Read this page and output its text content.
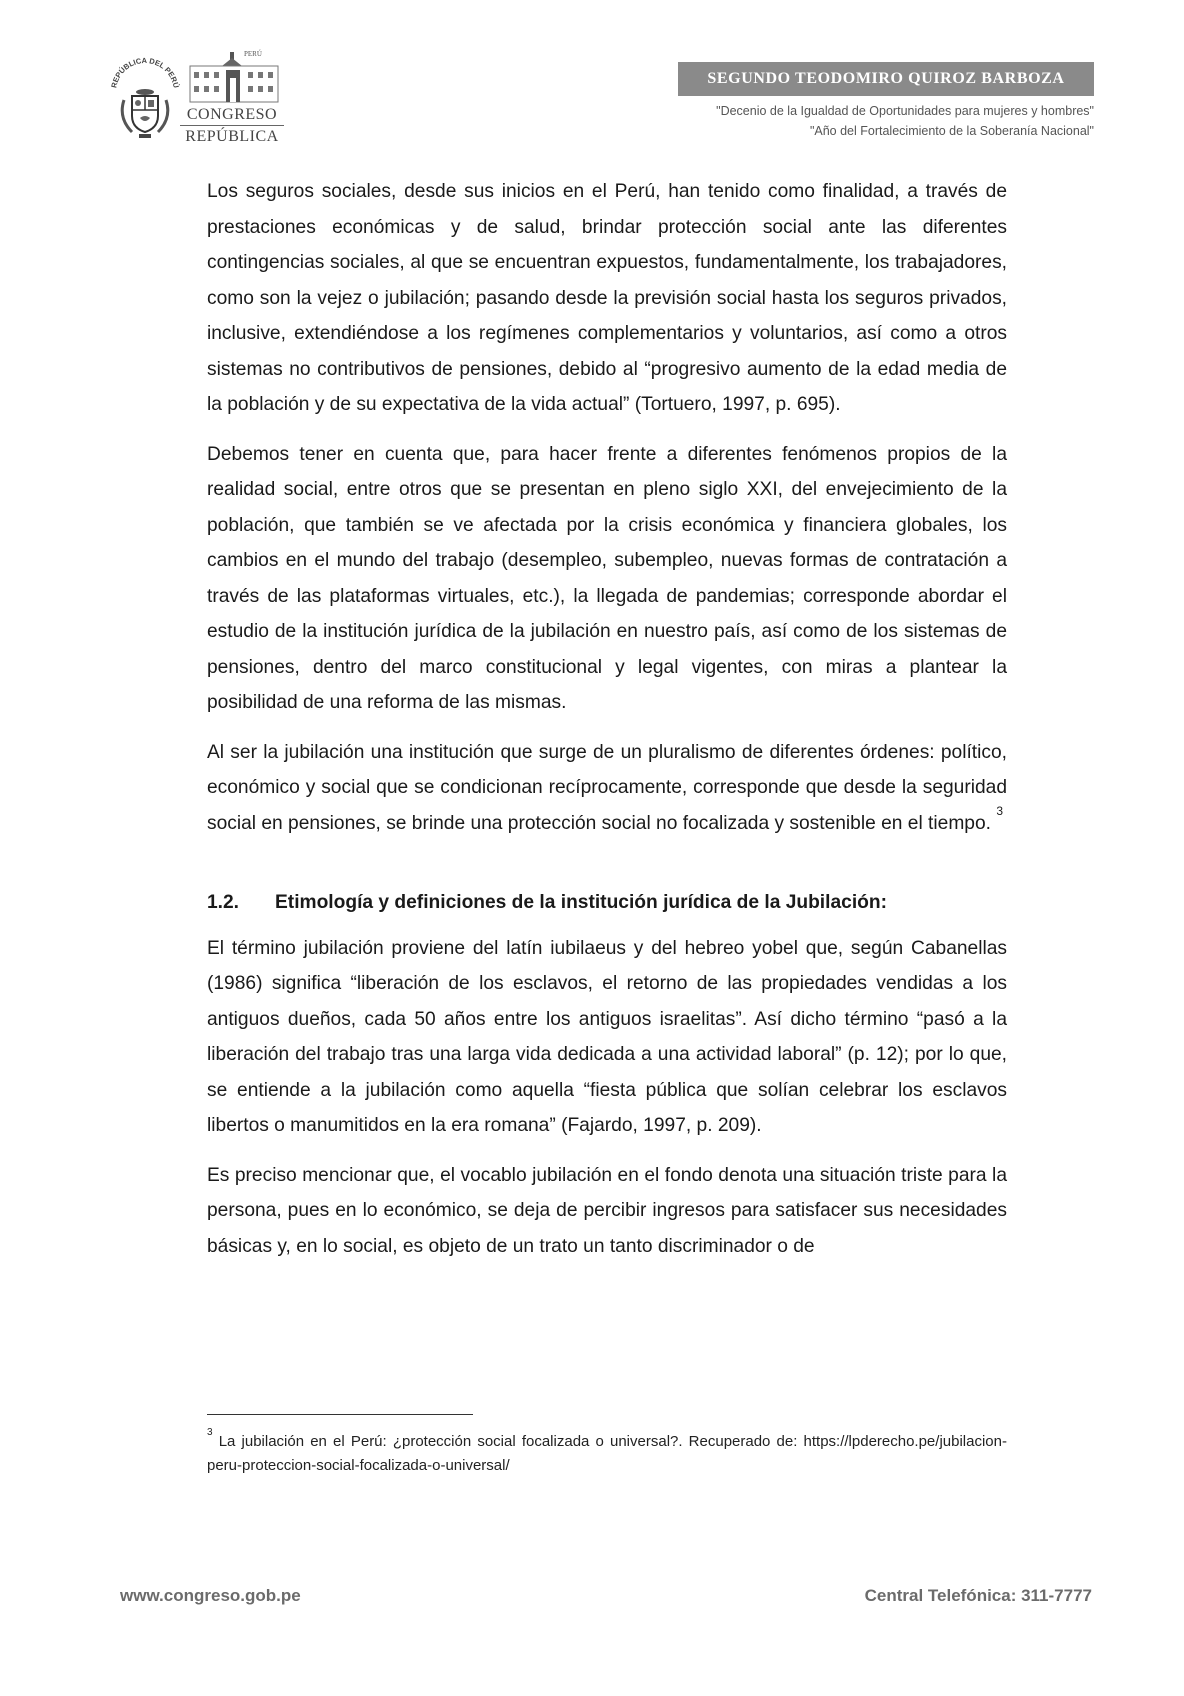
REPÚBLICA DEL PERÚ
PERÚ
CONGRESO
REPÚBLICA
SEGUNDO TEODOMIRO QUIROZ BARBOZA
"Decenio de la Igualdad de Oportunidades para mujeres y hombres"
"Año del Fortalecimiento de la Soberanía Nacional"

Los seguros sociales, desde sus inicios en el Perú, han tenido como finalidad, a través de prestaciones económicas y de salud, brindar protección social ante las diferentes contingencias sociales, al que se encuentran expuestos, fundamentalmente, los trabajadores, como son la vejez o jubilación; pasando desde la previsión social hasta los seguros privados, inclusive, extendiéndose a los regímenes complementarios y voluntarios, así como a otros sistemas no contributivos de pensiones, debido al “progresivo aumento de la edad media de la población y de su expectativa de la vida actual” (Tortuero, 1997, p. 695).

Debemos tener en cuenta que, para hacer frente a diferentes fenómenos propios de la realidad social, entre otros que se presentan en pleno siglo XXI, del envejecimiento de la población, que también se ve afectada por la crisis económica y financiera globales, los cambios en el mundo del trabajo (desempleo, subempleo, nuevas formas de contratación a través de las plataformas virtuales, etc.), la llegada de pandemias; corresponde abordar el estudio de la institución jurídica de la jubilación en nuestro país, así como de los sistemas de pensiones, dentro del marco constitucional y legal vigentes, con miras a plantear la posibilidad de una reforma de las mismas.

Al ser la jubilación una institución que surge de un pluralismo de diferentes órdenes: político, económico y social que se condicionan recíprocamente, corresponde que desde la seguridad social en pensiones, se brinde una protección social no focalizada y sostenible en el tiempo. $^3$

1.2.	Etimología y definiciones de la institución jurídica de la Jubilación:

El término jubilación proviene del latín iubilaeus y del hebreo yobel que, según Cabanellas (1986) significa “liberación de los esclavos, el retorno de las propiedades vendidas a los antiguos dueños, cada 50 años entre los antiguos israelitas”. Así dicho término “pasó a la liberación del trabajo tras una larga vida dedicada a una actividad laboral” (p. 12); por lo que, se entiende a la jubilación como aquella “fiesta pública que solían celebrar los esclavos libertos o manumitidos en la era romana” (Fajardo, 1997, p. 209).

Es preciso mencionar que, el vocablo jubilación en el fondo denota una situación triste para la persona, pues en lo económico, se deja de percibir ingresos para satisfacer sus necesidades básicas y, en lo social, es objeto de un trato un tanto discriminador o de

$^3$ La jubilación en el Perú: ¿protección social focalizada o universal?. Recuperado de: https://lpderecho.pe/jubilacion-peru-proteccion-social-focalizada-o-universal/
www.congreso.gob.pe	Central Telefónica: 311-7777
